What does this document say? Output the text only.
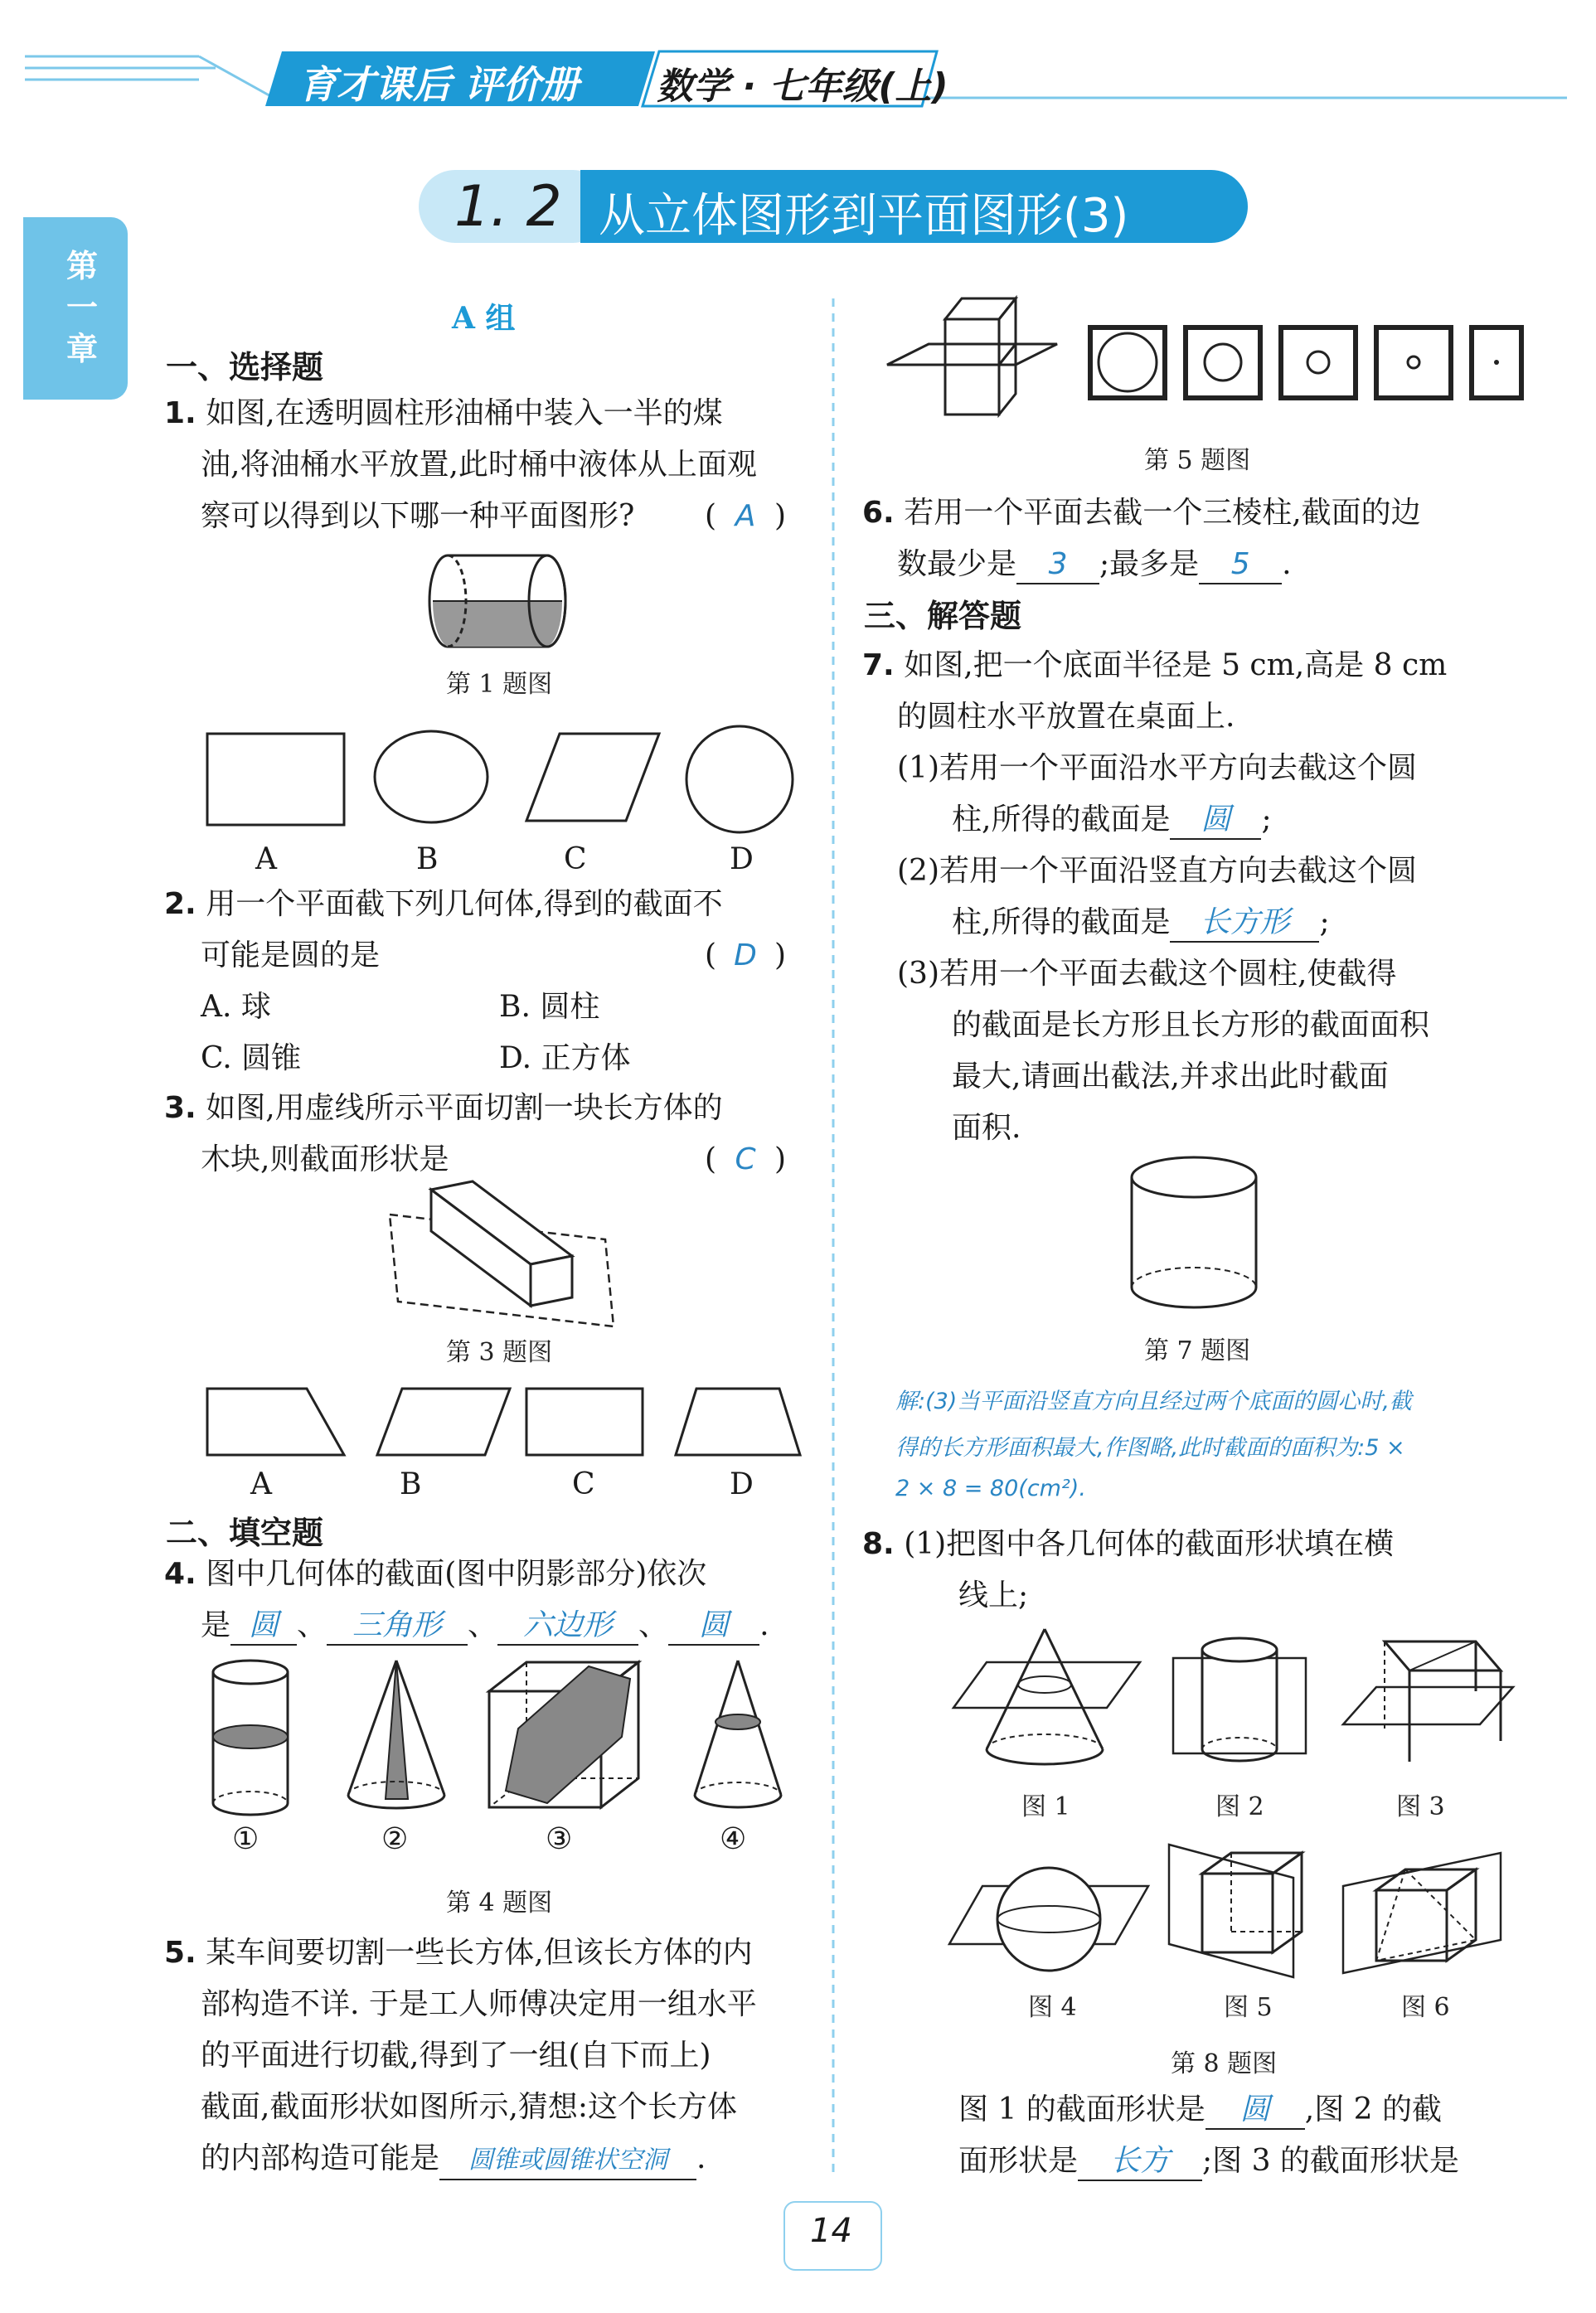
育才课后 评价册 数学 · 七年级(上)
第一章
1. 2 从立体图形到平面图形(3)
A 组
一、选择题
1. 如图,在透明圆柱形油桶中装入一半的煤
油,将油桶水平放置,此时桶中液体从上面观
察可以得到以下哪一种平面图形? ( A )
第 1 题图
A	B	C	D
2. 用一个平面截下列几何体,得到的截面不
可能是圆的是	( D )
A. 球	B. 圆柱
C. 圆锥	D. 正方体
3. 如图,用虚线所示平面切割一块长方体的
木块,则截面形状是	( C )
第 3 题图
A	B	C	D
二、填空题
4. 图中几何体的截面(图中阴影部分)依次
是 圆 、 三角形 、 六边形 、 圆 .
①	②	③	④
第 4 题图
5. 某车间要切割一些长方体,但该长方体的内
部构造不详. 于是工人师傅决定用一组水平
的平面进行切截,得到了一组(自下而上)
截面,截面形状如图所示,猜想:这个长方体
的内部构造可能是 圆锥或圆锥状空洞 .
第 5 题图
6. 若用一个平面去截一个三棱柱,截面的边
数最少是 3 ;最多是 5 .
三、解答题
7. 如图,把一个底面半径是 5 cm,高是 8 cm
的圆柱水平放置在桌面上.
(1)若用一个平面沿水平方向去截这个圆
柱,所得的截面是 圆 ;
(2)若用一个平面沿竖直方向去截这个圆
柱,所得的截面是 长方形 ;
(3)若用一个平面去截这个圆柱,使截得
的截面是长方形且长方形的截面面积
最大,请画出截法,并求出此时截面
面积.
第 7 题图
解:(3)当平面沿竖直方向且经过两个底面的圆心时,截
得的长方形面积最大,作图略,此时截面的面积为:5 ×
2 × 8 = 80(cm²).
8. (1)把图中各几何体的截面形状填在横
线上;
图 1	图 2	图 3
图 4	图 5	图 6
第 8 题图
图 1 的截面形状是 圆 ,图 2 的截
面形状是 长方 ;图 3 的截面形状是
14
